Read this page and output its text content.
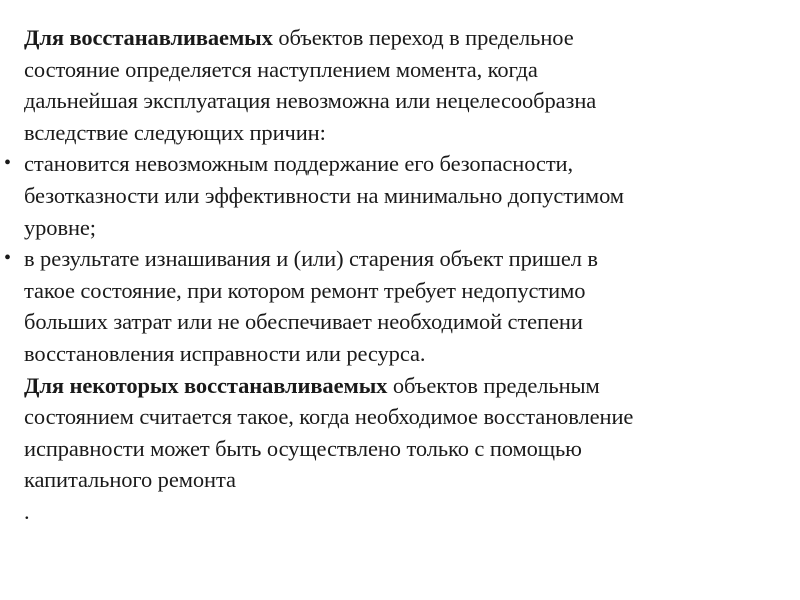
Для восстанавливаемых объектов переход в предельное
состояние определяется наступлением момента, когда
дальнейшая эксплуатация невозможна или нецелесообразна
вследствие следующих причин:

• становится невозможным поддержание его безопасности,
безотказности или эффективности на минимально допустимом
уровне;

• в результате изнашивания и (или) старения объект пришел в
такое состояние, при котором ремонт требует недопустимо
больших затрат или не обеспечивает необходимой степени
восстановления исправности или ресурса.

Для некоторых восстанавливаемых объектов предельным
состоянием считается такое, когда необходимое восстановление
исправности может быть осуществлено только с помощью
капитального ремонта

.
